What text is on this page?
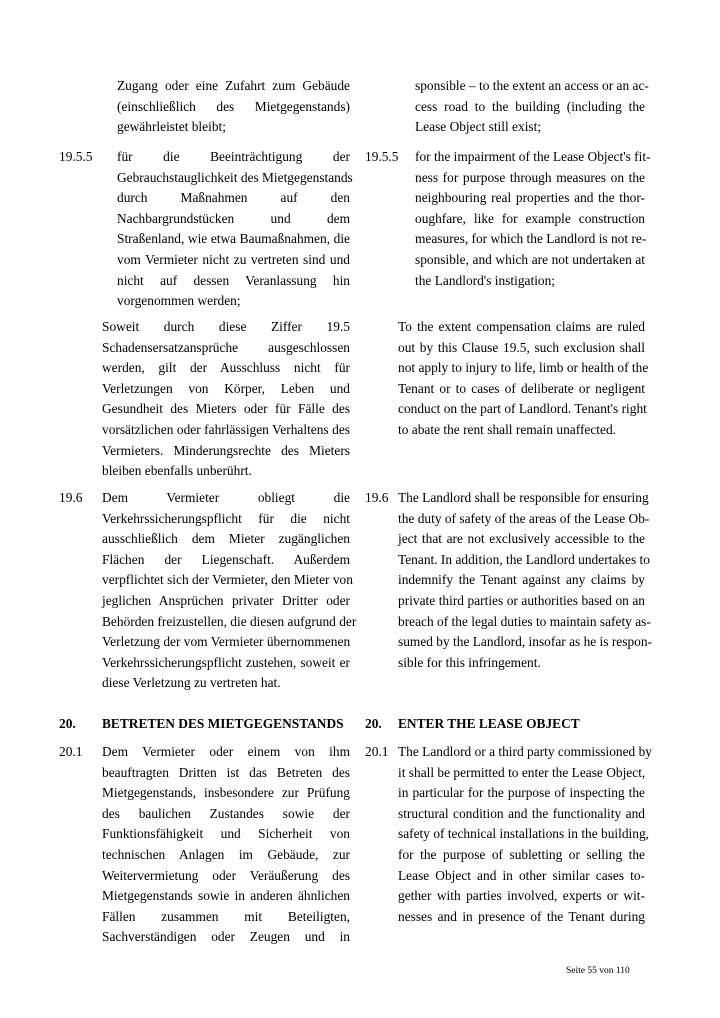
Zugang oder eine Zufahrt zum Gebäude
(einschließlich des Mietgegenstands)
gewährleistet bleibt;
19.5.5 für die Beeinträchtigung der
Gebrauchstauglichkeit des Mietgegenstands
durch Maßnahmen auf den
Nachbargrundstücken und dem
Straßenland, wie etwa Baumaßnahmen, die
vom Vermieter nicht zu vertreten sind und
nicht auf dessen Veranlassung hin
vorgenommen werden;
Soweit durch diese Ziffer 19.5
Schadensersatzansprüche ausgeschlossen
werden, gilt der Ausschluss nicht für
Verletzungen von Körper, Leben und
Gesundheit des Mieters oder für Fälle des
vorsätzlichen oder fahrlässigen Verhaltens des
Vermieters. Minderungsrechte des Mieters
bleiben ebenfalls unberührt.
19.6 Dem Vermieter obliegt die
Verkehrssicherungspflicht für die nicht
ausschließlich dem Mieter zugänglichen
Flächen der Liegenschaft. Außerdem
verpflichtet sich der Vermieter, den Mieter von
jeglichen Ansprüchen privater Dritter oder
Behörden freizustellen, die diesen aufgrund der
Verletzung der vom Vermieter übernommenen
Verkehrssicherungspflicht zustehen, soweit er
diese Verletzung zu vertreten hat.
20. BETRETEN DES MIETGEGENSTANDS
20.1 Dem Vermieter oder einem von ihm
beauftragten Dritten ist das Betreten des
Mietgegenstands, insbesondere zur Prüfung
des baulichen Zustandes sowie der
Funktionsfähigkeit und Sicherheit von
technischen Anlagen im Gebäude, zur
Weitervermietung oder Veräußerung des
Mietgegenstands sowie in anderen ähnlichen
Fällen zusammen mit Beteiligten,
Sachverständigen oder Zeugen und in
sponsible – to the extent an access or an ac-
cess road to the building (including the
Lease Object still exist;
19.5.5 for the impairment of the Lease Object's fit-
ness for purpose through measures on the
neighbouring real properties and the thor-
oughfare, like for example construction
measures, for which the Landlord is not re-
sponsible, and which are not undertaken at
the Landlord's instigation;
To the extent compensation claims are ruled
out by this Clause 19.5, such exclusion shall
not apply to injury to life, limb or health of the
Tenant or to cases of deliberate or negligent
conduct on the part of Landlord. Tenant's right
to abate the rent shall remain unaffected.
19.6 The Landlord shall be responsible for ensuring
the duty of safety of the areas of the Lease Ob-
ject that are not exclusively accessible to the
Tenant. In addition, the Landlord undertakes to
indemnify the Tenant against any claims by
private third parties or authorities based on an
breach of the legal duties to maintain safety as-
sumed by the Landlord, insofar as he is respon-
sible for this infringement.
20. ENTER THE LEASE OBJECT
20.1 The Landlord or a third party commissioned by
it shall be permitted to enter the Lease Object,
in particular for the purpose of inspecting the
structural condition and the functionality and
safety of technical installations in the building,
for the purpose of subletting or selling the
Lease Object and in other similar cases to-
gether with parties involved, experts or wit-
nesses and in presence of the Tenant during
Seite 55 von 110
